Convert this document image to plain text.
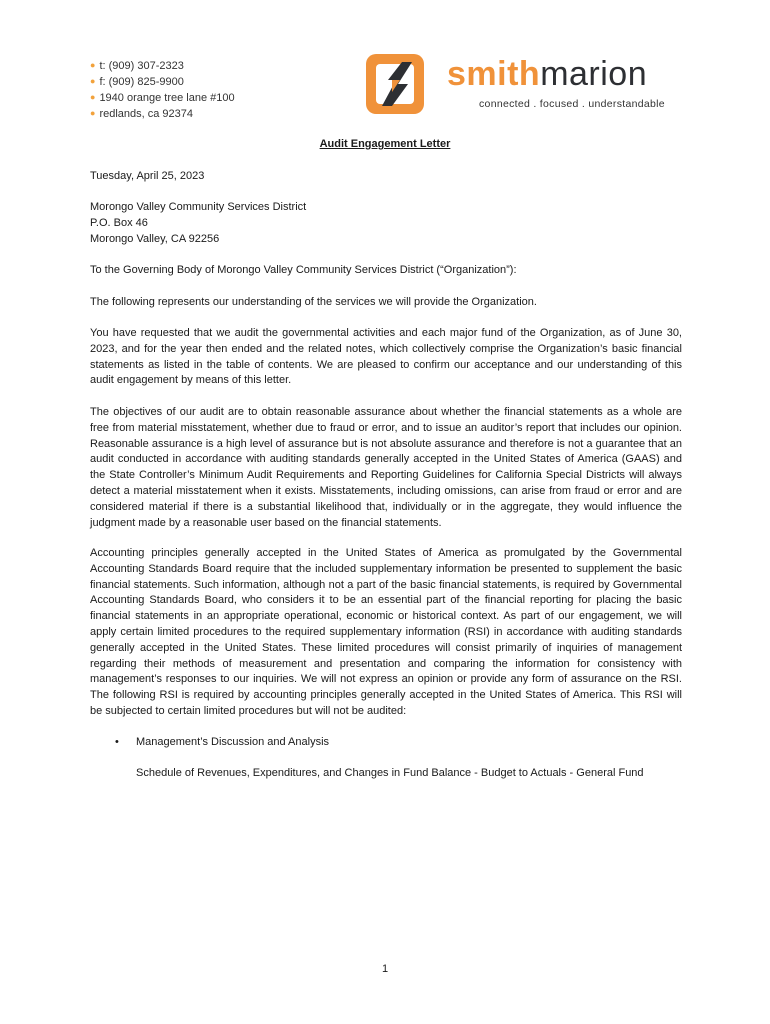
● t: (909) 307-2323
● f: (909) 825-9900
● 1940 orange tree lane #100
● redlands, ca 92374
smithmarion
connected . focused . understandable
Audit Engagement Letter
Tuesday, April 25, 2023
Morongo Valley Community Services District
P.O. Box 46
Morongo Valley, CA 92256
To the Governing Body of Morongo Valley Community Services District (“Organization”):
The following represents our understanding of the services we will provide the Organization.
You have requested that we audit the governmental activities and each major fund of the Organization, as of June 30, 2023, and for the year then ended and the related notes, which collectively comprise the Organization’s basic financial statements as listed in the table of contents. We are pleased to confirm our acceptance and our understanding of this audit engagement by means of this letter.
The objectives of our audit are to obtain reasonable assurance about whether the financial statements as a whole are free from material misstatement, whether due to fraud or error, and to issue an auditor’s report that includes our opinion. Reasonable assurance is a high level of assurance but is not absolute assurance and therefore is not a guarantee that an audit conducted in accordance with auditing standards generally accepted in the United States of America (GAAS) and the State Controller’s Minimum Audit Requirements and Reporting Guidelines for California Special Districts will always detect a material misstatement when it exists. Misstatements, including omissions, can arise from fraud or error and are considered material if there is a substantial likelihood that, individually or in the aggregate, they would influence the judgment made by a reasonable user based on the financial statements.
Accounting principles generally accepted in the United States of America as promulgated by the Governmental Accounting Standards Board require that the included supplementary information be presented to supplement the basic financial statements. Such information, although not a part of the basic financial statements, is required by Governmental Accounting Standards Board, who considers it to be an essential part of the financial reporting for placing the basic financial statements in an appropriate operational, economic or historical context. As part of our engagement, we will apply certain limited procedures to the required supplementary information (RSI) in accordance with auditing standards generally accepted in the United States. These limited procedures will consist primarily of inquiries of management regarding their methods of measurement and presentation and comparing the information for consistency with management’s responses to our inquiries. We will not express an opinion or provide any form of assurance on the RSI. The following RSI is required by accounting principles generally accepted in the United States of America. This RSI will be subjected to certain limited procedures but will not be audited:
• Management’s Discussion and Analysis
Schedule of Revenues, Expenditures, and Changes in Fund Balance - Budget to Actuals - General Fund
1
